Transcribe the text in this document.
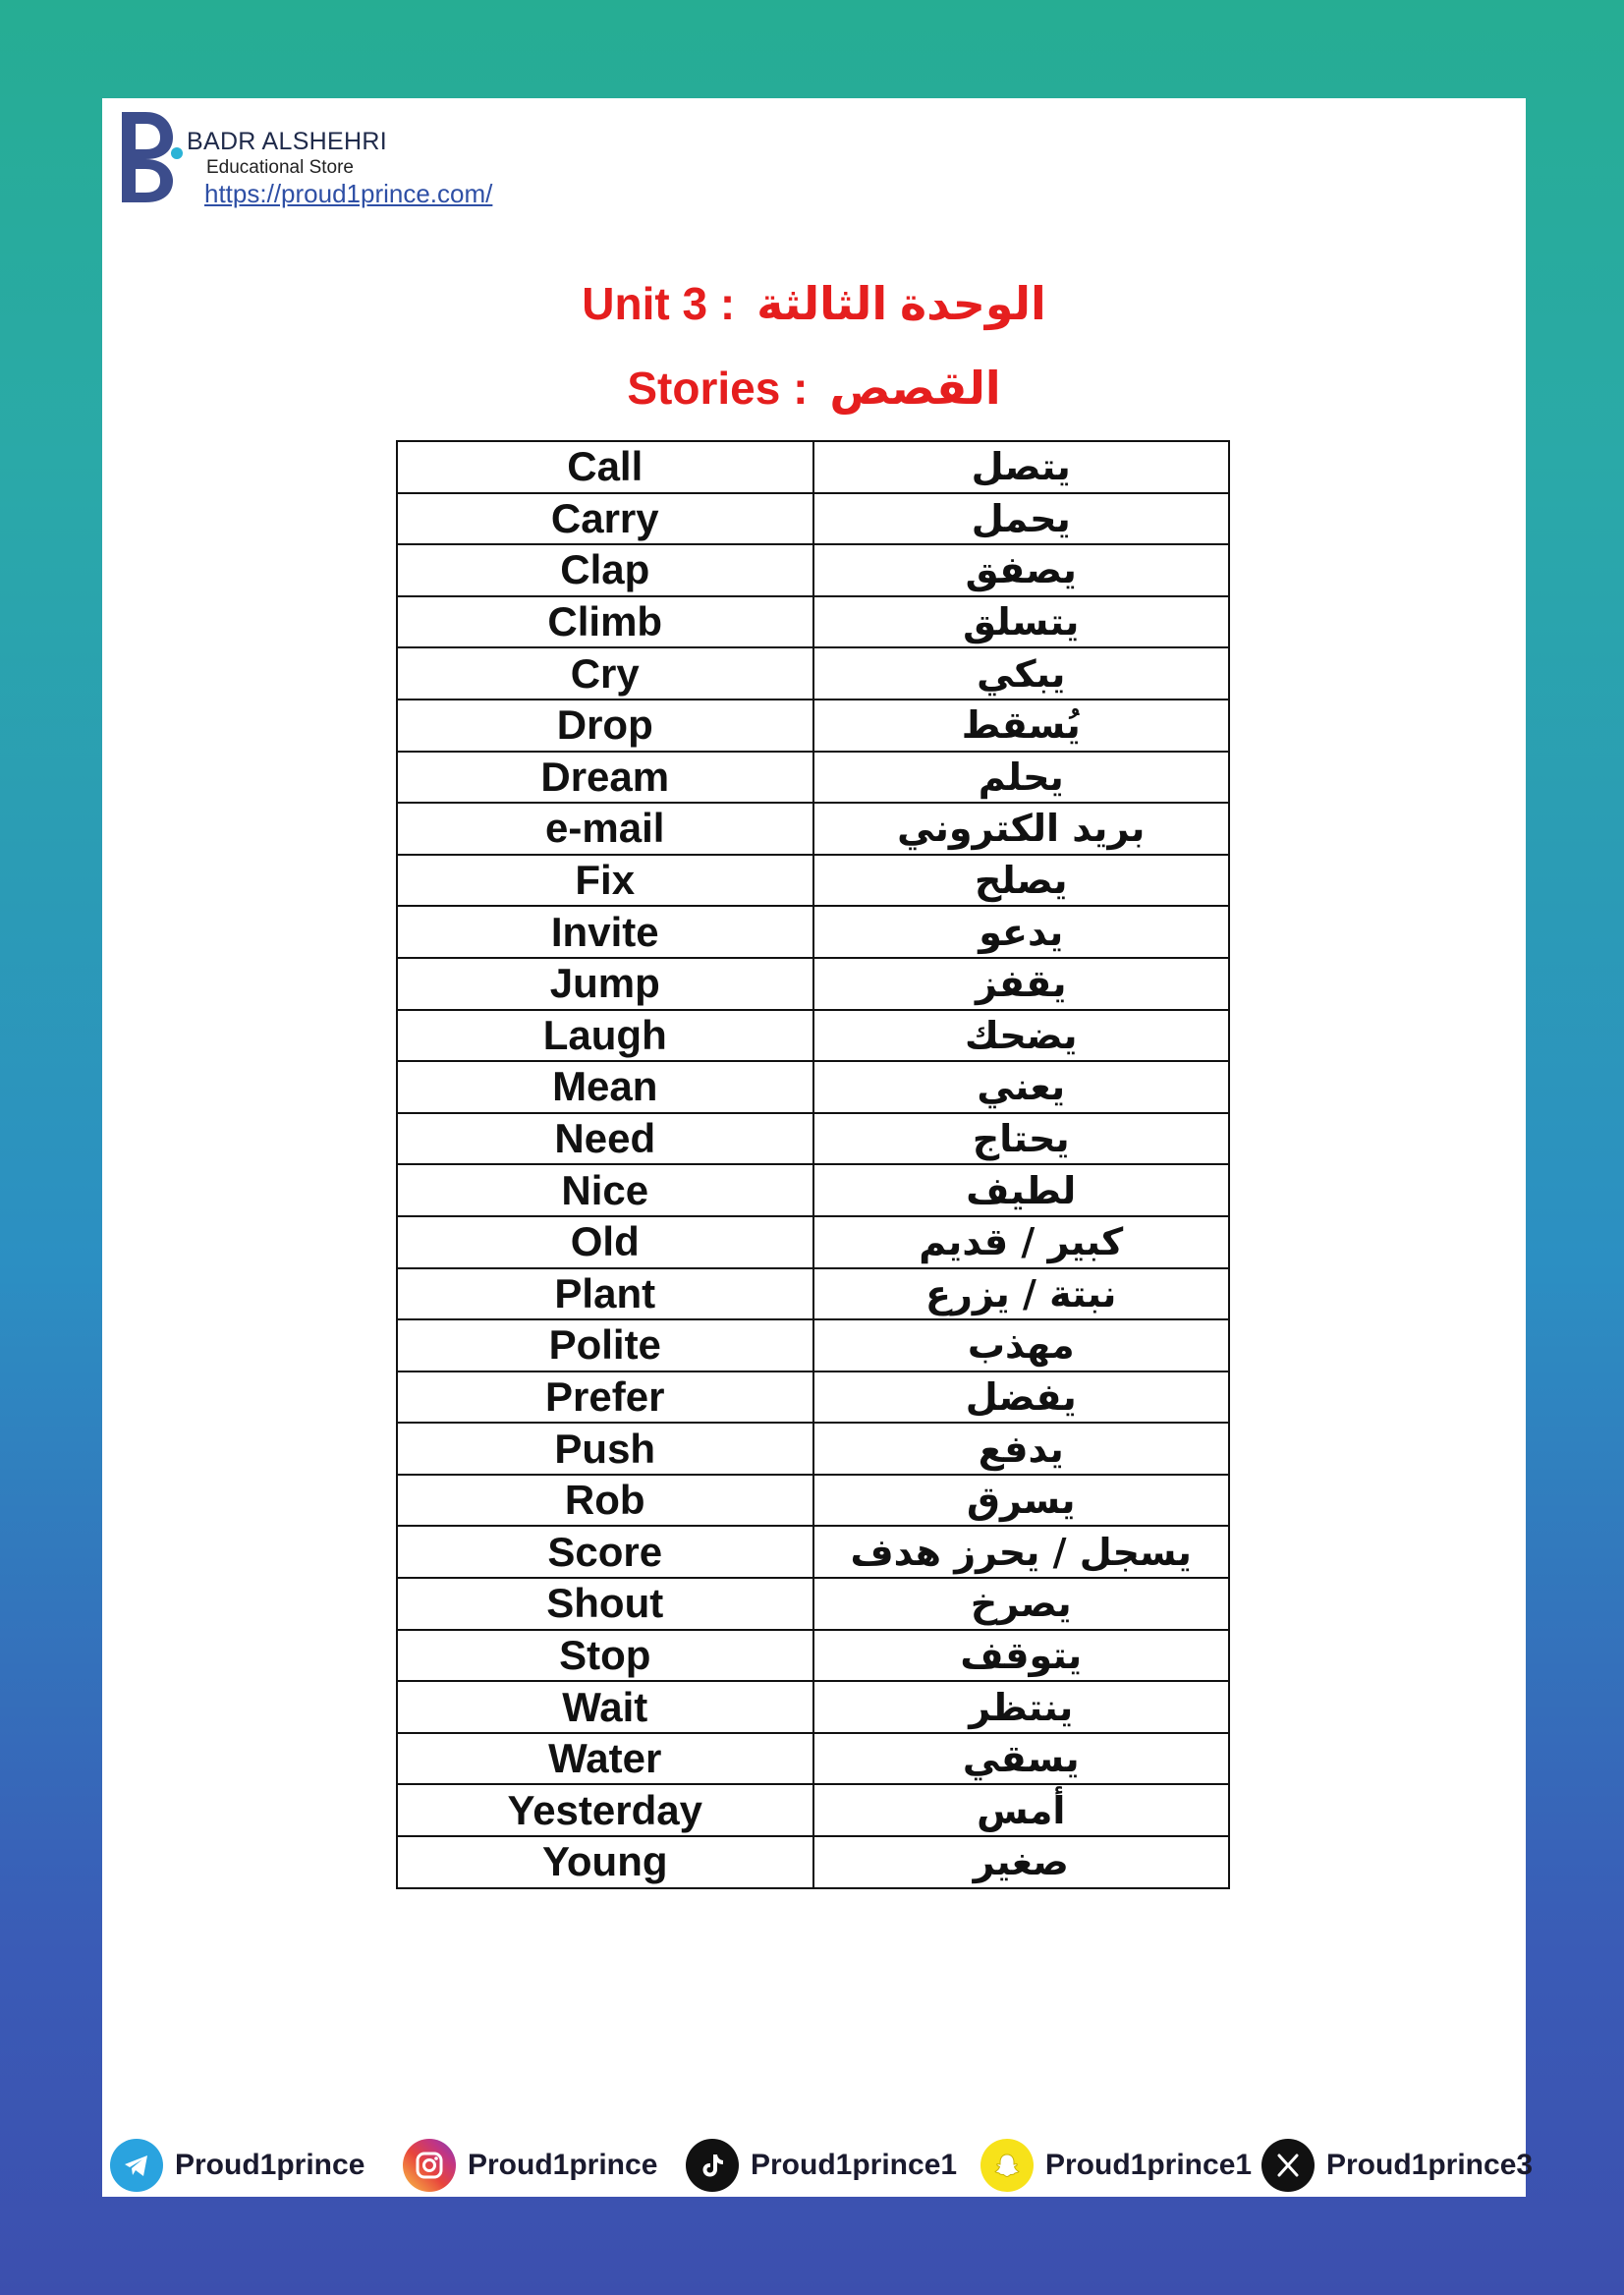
BADR ALSHEHRI
Educational Store
https://proud1prince.com/
Unit 3 : الوحدة الثالثة
Stories : القصص
Call	يتصل
Carry	يحمل
Clap	يصفق
Climb	يتسلق
Cry	يبكي
Drop	يُسقط
Dream	يحلم
e-mail	بريد الكتروني
Fix	يصلح
Invite	يدعو
Jump	يقفز
Laugh	يضحك
Mean	يعني
Need	يحتاج
Nice	لطيف
Old	كبير / قديم
Plant	نبتة / يزرع
Polite	مهذب
Prefer	يفضل
Push	يدفع
Rob	يسرق
Score	يسجل / يحرز هدف
Shout	يصرخ
Stop	يتوقف
Wait	ينتظر
Water	يسقي
Yesterday	أمس
Young	صغير
Proud1prince	Proud1prince	Proud1prince1	Proud1prince1	Proud1prince3
